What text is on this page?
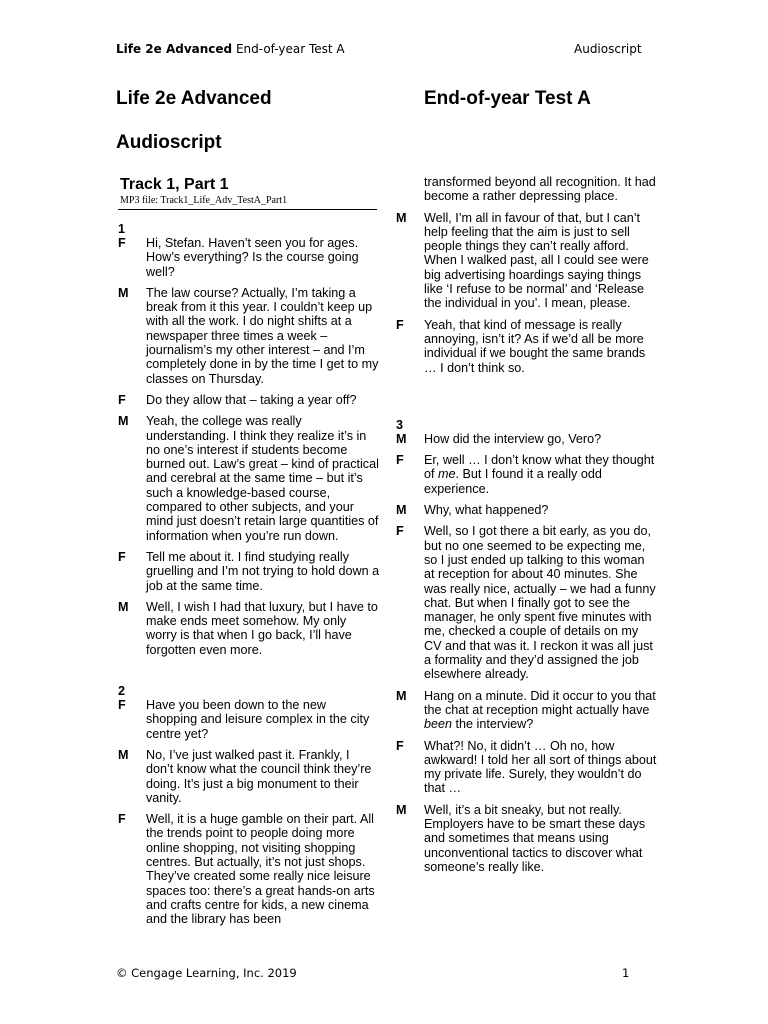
Life 2e Advanced End-of-year Test A	Audioscript
Life 2e Advanced	End-of-year Test A
Audioscript
Track 1, Part 1
MP3 file: Track1_Life_Adv_TestA_Part1
1
F	Hi, Stefan. Haven’t seen you for ages. How’s everything? Is the course going well?
M	The law course? Actually, I’m taking a break from it this year. I couldn’t keep up with all the work. I do night shifts at a newspaper three times a week – journalism’s my other interest – and I’m completely done in by the time I get to my classes on Thursday.
F	Do they allow that – taking a year off?
M	Yeah, the college was really understanding. I think they realize it’s in no one’s interest if students become burned out. Law’s great – kind of practical and cerebral at the same time – but it’s such a knowledge-based course, compared to other subjects, and your mind just doesn’t retain large quantities of information when you’re run down.
F	Tell me about it. I find studying really gruelling and I’m not trying to hold down a job at the same time.
M	Well, I wish I had that luxury, but I have to make ends meet somehow. My only worry is that when I go back, I’ll have forgotten even more.
2
F	Have you been down to the new shopping and leisure complex in the city centre yet?
M	No, I’ve just walked past it. Frankly, I don’t know what the council think they’re doing. It’s just a big monument to their vanity.
F	Well, it is a huge gamble on their part. All the trends point to people doing more online shopping, not visiting shopping centres. But actually, it’s not just shops. They’ve created some really nice leisure spaces too: there’s a great hands-on arts and crafts centre for kids, a new cinema and the library has been
transformed beyond all recognition. It had become a rather depressing place.
M	Well, I’m all in favour of that, but I can’t help feeling that the aim is just to sell people things they can’t really afford. When I walked past, all I could see were big advertising hoardings saying things like ‘I refuse to be normal’ and ‘Release the individual in you’. I mean, please.
F	Yeah, that kind of message is really annoying, isn’t it? As if we’d all be more individual if we bought the same brands … I don’t think so.
3
M	How did the interview go, Vero?
F	Er, well … I don’t know what they thought of me. But I found it a really odd experience.
M	Why, what happened?
F	Well, so I got there a bit early, as you do, but no one seemed to be expecting me, so I just ended up talking to this woman at reception for about 40 minutes. She was really nice, actually – we had a funny chat. But when I finally got to see the manager, he only spent five minutes with me, checked a couple of details on my CV and that was it. I reckon it was all just a formality and they’d assigned the job elsewhere already.
M	Hang on a minute. Did it occur to you that the chat at reception might actually have been the interview?
F	What?! No, it didn’t … Oh no, how awkward! I told her all sort of things about my private life. Surely, they wouldn’t do that …
M	Well, it’s a bit sneaky, but not really. Employers have to be smart these days and sometimes that means using unconventional tactics to discover what someone’s really like.
© Cengage Learning, Inc. 2019	1
